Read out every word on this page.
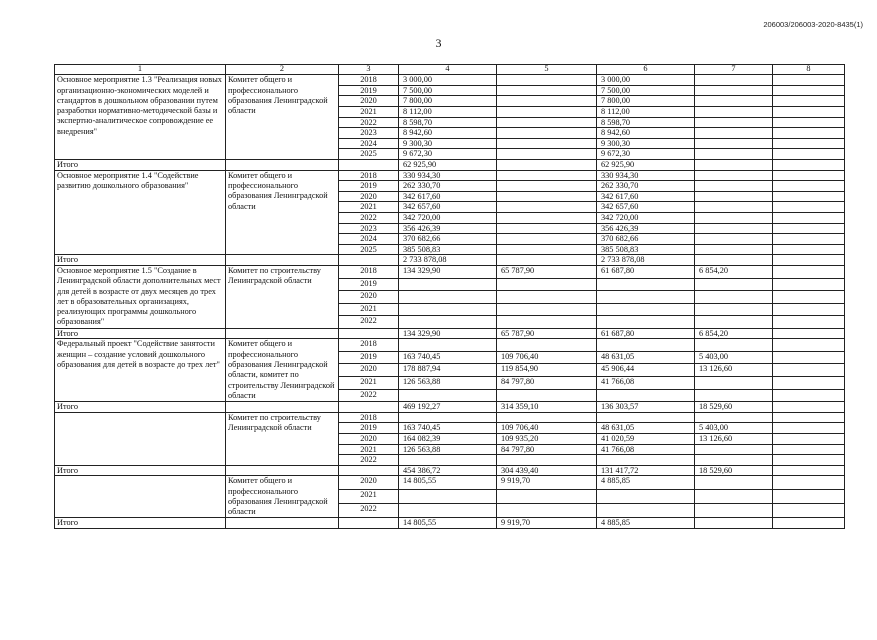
206003/206003-2020-8435(1)
3
1	2	3	4	5	6	7	8
Основное мероприятие 1.3 "Реализация новых организационно-экономических моделей и стандартов в дошкольном образовании путем разработки нормативно-методической базы и экспертно-аналитическое сопровождение ее внедрения"	Комитет общего и профессионального образования Ленинградской области	2018	3 000,00		3 000,00		
		2019	7 500,00		7 500,00		
		2020	7 800,00		7 800,00		
		2021	8 112,00		8 112,00		
		2022	8 598,70		8 598,70		
		2023	8 942,60		8 942,60		
		2024	9 300,30		9 300,30		
		2025	9 672,30		9 672,30		
Итого			62 925,90		62 925,90		
Основное мероприятие 1.4 "Содействие развитию дошкольного образования"	Комитет общего и профессионального образования Ленинградской области	2018	330 934,30		330 934,30		
		2019	262 330,70		262 330,70		
		2020	342 617,60		342 617,60		
		2021	342 657,60		342 657,60		
		2022	342 720,00		342 720,00		
		2023	356 426,39		356 426,39		
		2024	370 682,66		370 682,66		
		2025	385 508,83		385 508,83		
Итого			2 733 878,08		2 733 878,08		
Основное мероприятие 1.5 "Создание в Ленинградской области дополнительных мест для детей в возрасте от двух месяцев до трех лет в образовательных организациях, реализующих программы дошкольного образования"	Комитет по строительству Ленинградской области	2018	134 329,90	65 787,90	61 687,80	6 854,20	
		2019					
		2020					
		2021					
		2022					
Итого			134 329,90	65 787,90	61 687,80	6 854,20	
Федеральный проект "Содействие занятости женщин – создание условий дошкольного образования для детей в возрасте до трех лет"	Комитет общего и профессионального образования Ленинградской области, комитет по строительству Ленинградской области	2018					
		2019	163 740,45	109 706,40	48 631,05	5 403,00	
		2020	178 887,94	119 854,90	45 906,44	13 126,60	
		2021	126 563,88	84 797,80	41 766,08		
		2022					
Итого			469 192,27	314 359,10	136 303,57	18 529,60	
	Комитет по строительству Ленинградской области	2018					
		2019	163 740,45	109 706,40	48 631,05	5 403,00	
		2020	164 082,39	109 935,20	41 020,59	13 126,60	
		2021	126 563,88	84 797,80	41 766,08		
		2022					
Итого			454 386,72	304 439,40	131 417,72	18 529,60	
	Комитет общего и профессионального образования Ленинградской области	2020	14 805,55	9 919,70	4 885,85		
		2021					
		2022					
Итого			14 805,55	9 919,70	4 885,85		
